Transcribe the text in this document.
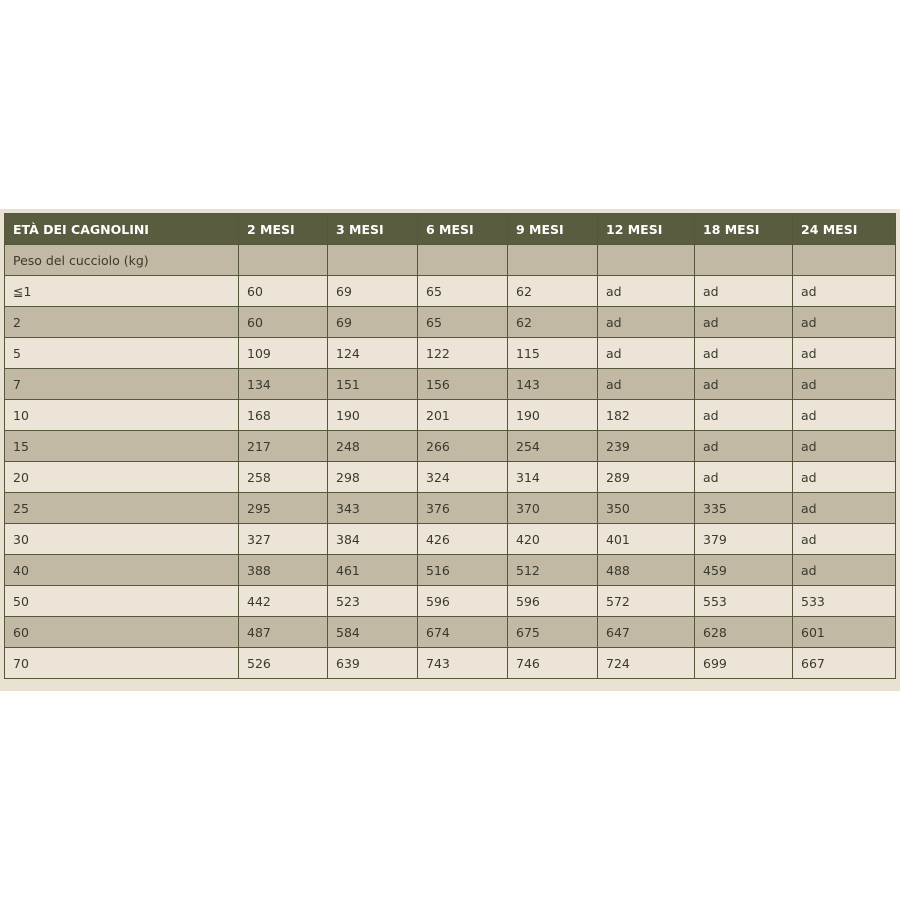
ETÀ DEI CAGNOLINI	2 MESI	3 MESI	6 MESI	9 MESI	12 MESI	18 MESI	24 MESI
Peso del cucciolo (kg)							
≦1	60	69	65	62	ad	ad	ad
2	60	69	65	62	ad	ad	ad
5	109	124	122	115	ad	ad	ad
7	134	151	156	143	ad	ad	ad
10	168	190	201	190	182	ad	ad
15	217	248	266	254	239	ad	ad
20	258	298	324	314	289	ad	ad
25	295	343	376	370	350	335	ad
30	327	384	426	420	401	379	ad
40	388	461	516	512	488	459	ad
50	442	523	596	596	572	553	533
60	487	584	674	675	647	628	601
70	526	639	743	746	724	699	667
